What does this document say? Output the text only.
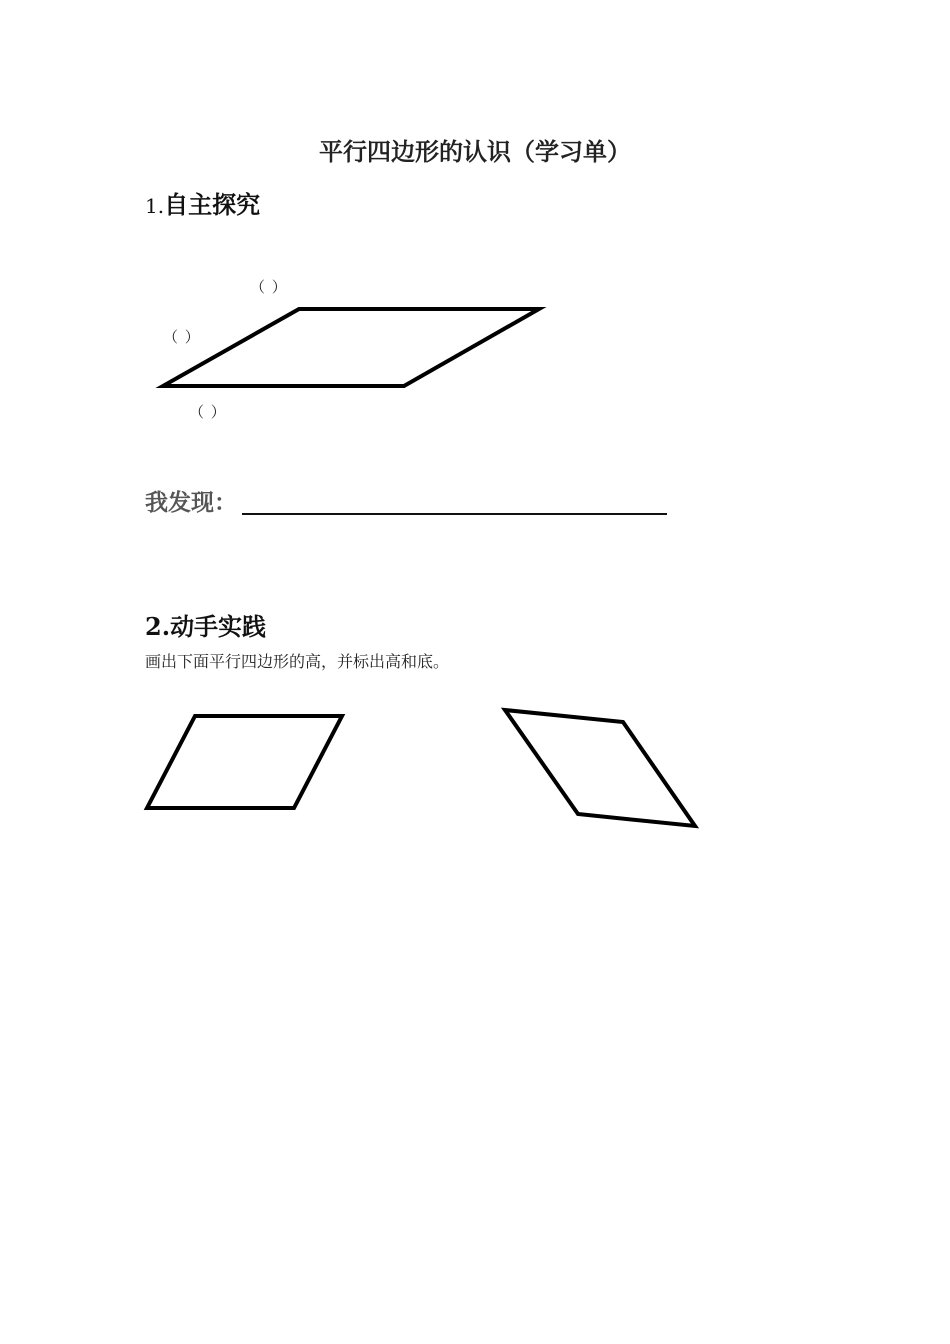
平行四边形的认识（学习单）
1.自主探究
（ ）
（ ）
（ ）
我发现：
2.动手实践
画出下面平行四边形的高，并标出高和底。
